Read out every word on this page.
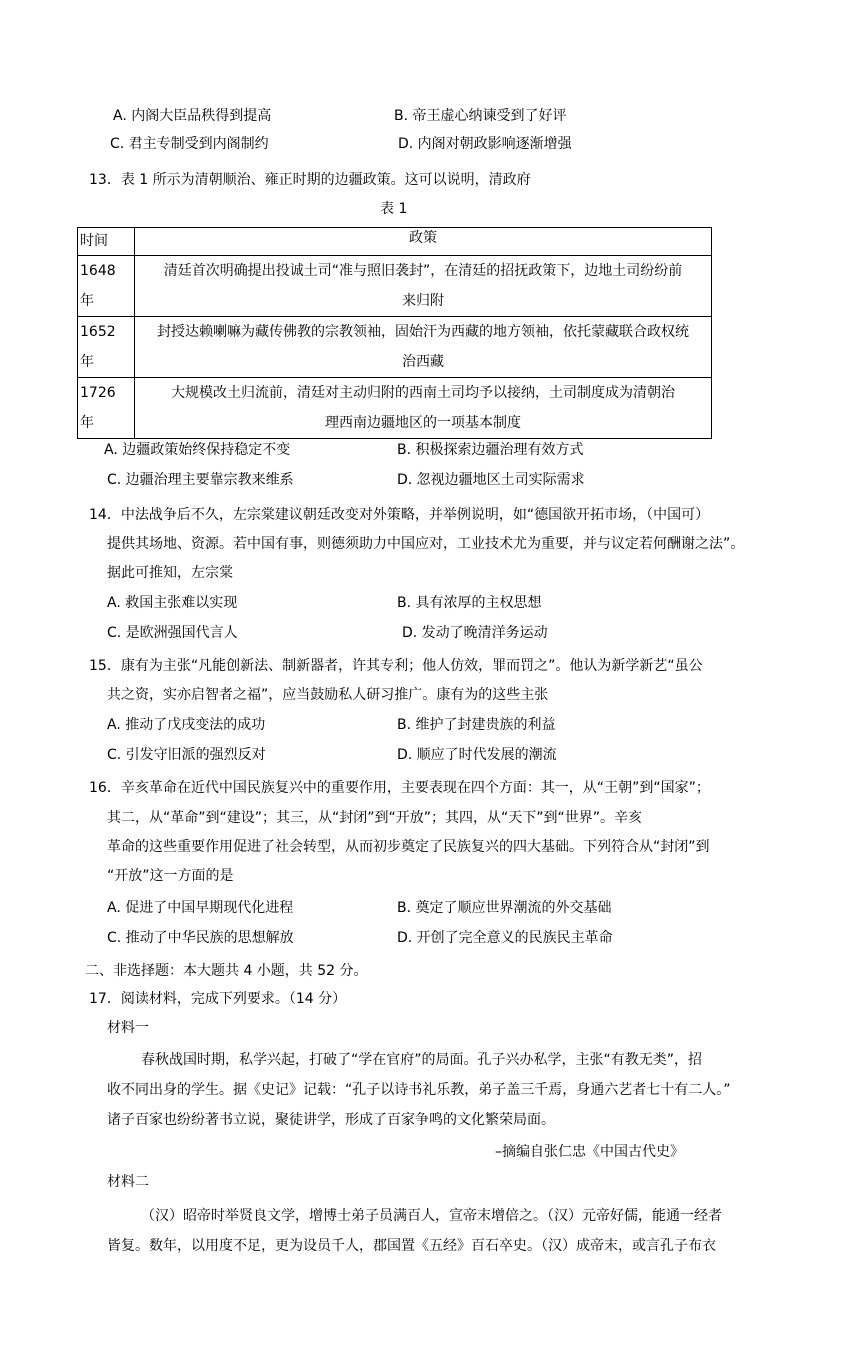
A. 内阁大臣品秩得到提高	B. 帝王虚心纳谏受到了好评
C. 君主专制受到内阁制约	D. 内阁对朝政影响逐渐增强
13．表 1 所示为清朝顺治、雍正时期的边疆政策。这可以说明，清政府
表 1
时间	政策
1648 年	清廷首次明确提出投诚土司“准与照旧袭封”，在清廷的招抚政策下，边地土司纷纷前
来归附

1652 年	封授达赖喇嘛为藏传佛教的宗教领袖，固始汗为西藏的地方领袖，依托蒙藏联合政权统
治西藏

1726 年	大规模改土归流前，清廷对主动归附的西南土司均予以接纳，土司制度成为清朝治
理西南边疆地区的一项基本制度
A. 边疆政策始终保持稳定不变	B. 积极探索边疆治理有效方式
C. 边疆治理主要靠宗教来维系	D. 忽视边疆地区土司实际需求
14．中法战争后不久，左宗棠建议朝廷改变对外策略，并举例说明，如“德国欲开拓市场，（中国可）
提供其场地、资源。若中国有事，则德须助力中国应对，工业技术尤为重要，并与议定若何酬谢之法”。
据此可推知，左宗棠
A. 救国主张难以实现	B. 具有浓厚的主权思想
C. 是欧洲强国代言人	D. 发动了晚清洋务运动
15．康有为主张“凡能创新法、制新器者，许其专利；他人仿效，罪而罚之”。他认为新学新艺“虽公
共之资，实亦启智者之福”，应当鼓励私人研习推广。康有为的这些主张
A. 推动了戊戌变法的成功	B. 维护了封建贵族的利益
C. 引发守旧派的强烈反对	D. 顺应了时代发展的潮流
16．辛亥革命在近代中国民族复兴中的重要作用，主要表现在四个方面：其一，从“王朝”到“国家”；
其二，从“革命”到“建设”；其三，从“封闭”到“开放”；其四，从“天下”到“世界”。辛亥
革命的这些重要作用促进了社会转型，从而初步奠定了民族复兴的四大基础。下列符合从“封闭”到
“开放”这一方面的是
A. 促进了中国早期现代化进程	B. 奠定了顺应世界潮流的外交基础
C. 推动了中华民族的思想解放	D. 开创了完全意义的民族民主革命
二、非选择题：本大题共 4 小题，共 52 分。
17．阅读材料，完成下列要求。（14 分）
材料一
春秋战国时期，私学兴起，打破了“学在官府”的局面。孔子兴办私学，主张“有教无类”，招
收不同出身的学生。据《史记》记载：“孔子以诗书礼乐教，弟子盖三千焉，身通六艺者七十有二人。”
诸子百家也纷纷著书立说，聚徒讲学，形成了百家争鸣的文化繁荣局面。
–摘编自张仁忠《中国古代史》
材料二
（汉）昭帝时举贤良文学，增博士弟子员满百人，宣帝末增倍之。（汉）元帝好儒，能通一经者
皆复。数年，以用度不足，更为设员千人，郡国置《五经》百石卒史。（汉）成帝末，或言孔子布衣
